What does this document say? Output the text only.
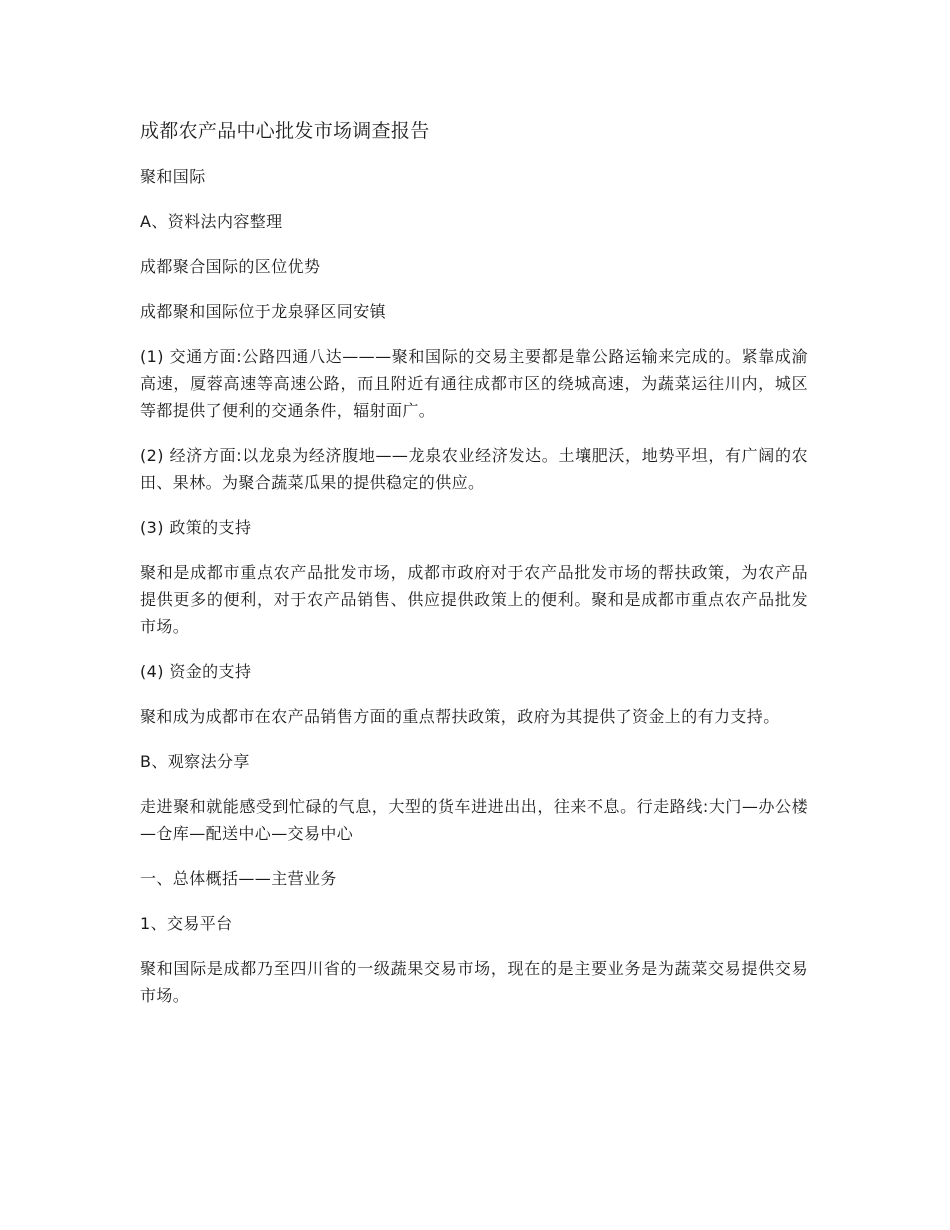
成都农产品中心批发市场调查报告

聚和国际

A、资料法内容整理

成都聚合国际的区位优势

成都聚和国际位于龙泉驿区同安镇

(1) 交通方面:公路四通八达———聚和国际的交易主要都是靠公路运输来完成的。紧靠成渝高速，厦蓉高速等高速公路，而且附近有通往成都市区的绕城高速，为蔬菜运往川内，城区等都提供了便利的交通条件，辐射面广。

(2) 经济方面:以龙泉为经济腹地——龙泉农业经济发达。土壤肥沃，地势平坦，有广阔的农田、果林。为聚合蔬菜瓜果的提供稳定的供应。

(3) 政策的支持

聚和是成都市重点农产品批发市场，成都市政府对于农产品批发市场的帮扶政策，为农产品提供更多的便利，对于农产品销售、供应提供政策上的便利。聚和是成都市重点农产品批发市场。

(4) 资金的支持

聚和成为成都市在农产品销售方面的重点帮扶政策，政府为其提供了资金上的有力支持。

B、观察法分享

走进聚和就能感受到忙碌的气息，大型的货车进进出出，往来不息。行走路线:大门—办公楼—仓库—配送中心—交易中心

一、总体概括——主营业务

1、交易平台

聚和国际是成都乃至四川省的一级蔬果交易市场，现在的是主要业务是为蔬菜交易提供交易市场。
